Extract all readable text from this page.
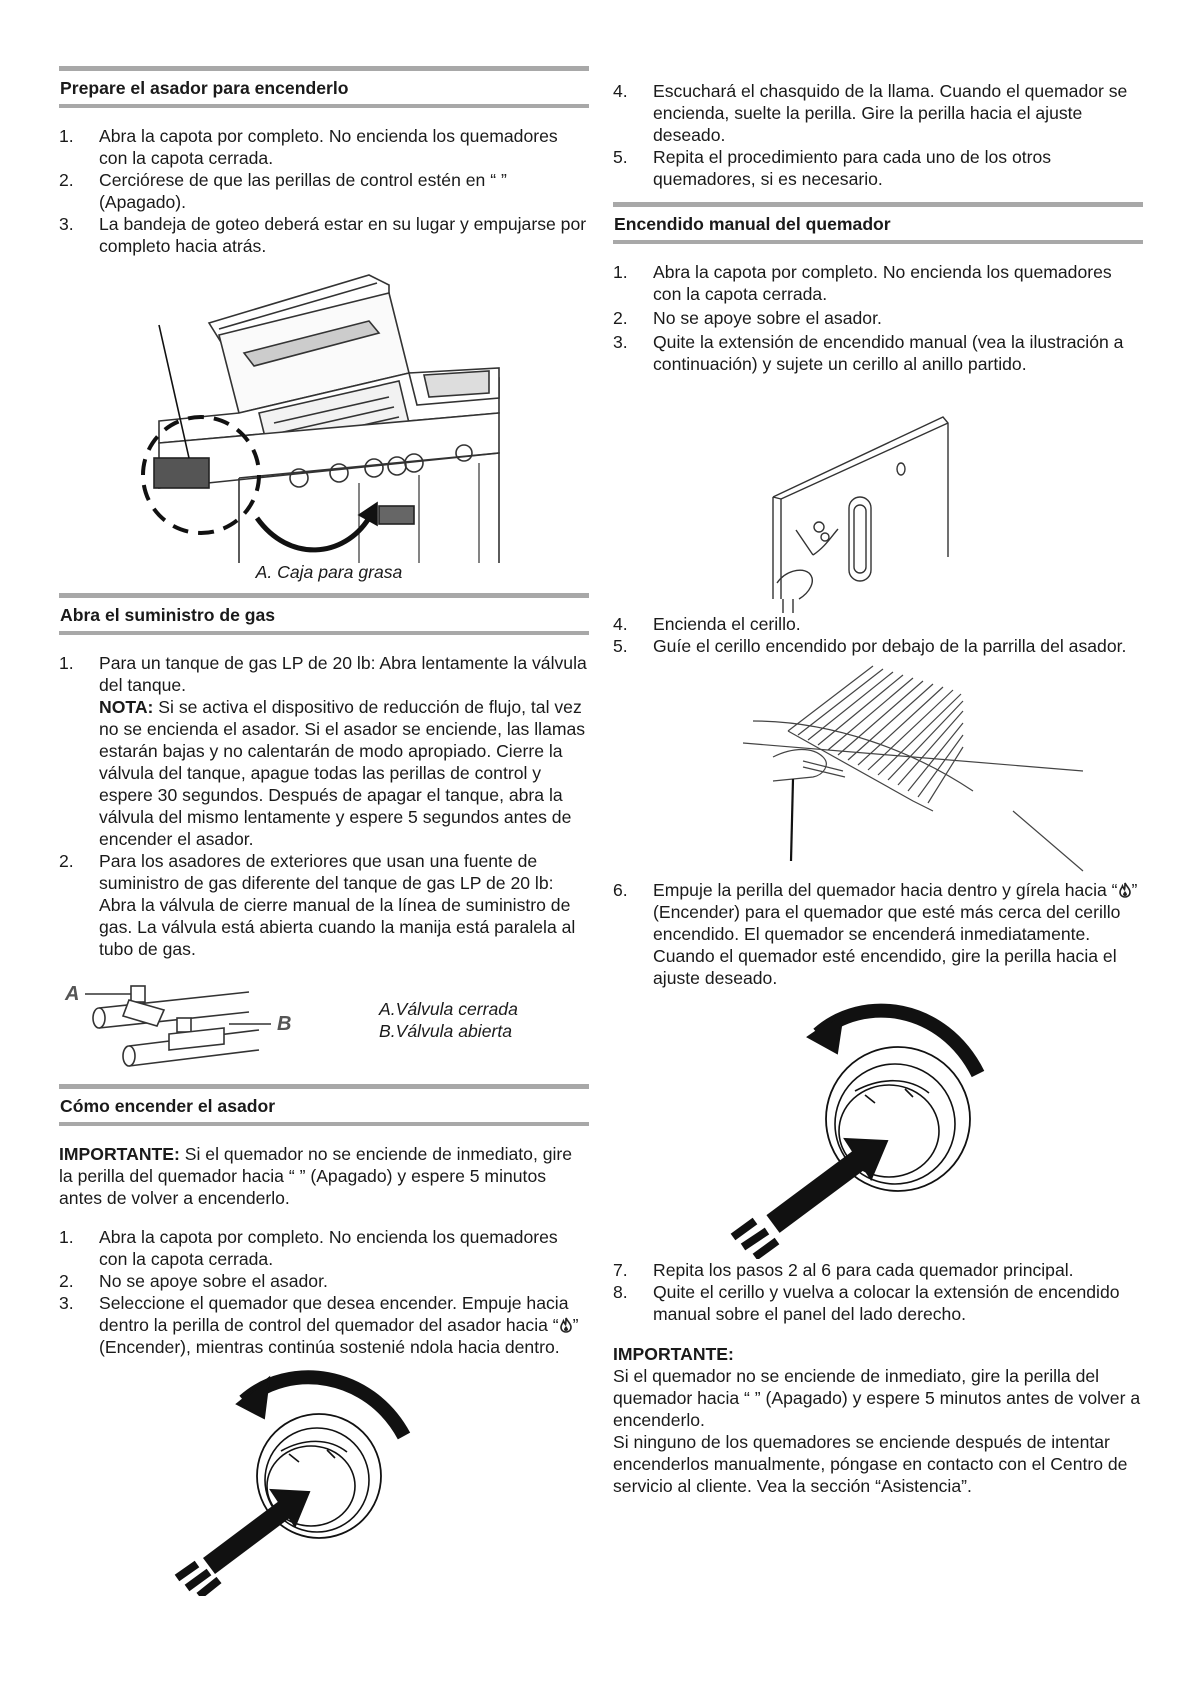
Prepare el asador para encenderlo
1. Abra la capota por completo. No encienda los quemadores con la capota cerrada.
2. Cerciórese de que las perillas de control estén en “ ” (Apagado).
3. La bandeja de goteo deberá estar en su lugar y empujarse por completo hacia atrás.
A. Caja para grasa
Abra el suministro de gas
1. Para un tanque de gas LP de 20 lb: Abra lentamente la válvula del tanque.
NOTA: Si se activa el dispositivo de reducción de flujo, tal vez no se encienda el asador. Si el asador se enciende, las llamas estarán bajas y no calentarán de modo apropiado. Cierre la válvula del tanque, apague todas las perillas de control y espere 30 segundos. Después de apagar el tanque, abra la válvula del mismo lentamente y espere 5 segundos antes de encender el asador.
2. Para los asadores de exteriores que usan una fuente de suministro de gas diferente del tanque de gas LP de 20 lb: Abra la válvula de cierre manual de la línea de suministro de gas. La válvula está abierta cuando la manija está paralela al tubo de gas.
A
B
A.Válvula cerrada
B.Válvula abierta
Cómo encender el asador

IMPORTANTE: Si el quemador no se enciende de inmediato, gire la perilla del quemador hacia “ ” (Apagado) y espere 5 minutos antes de volver a encenderlo.

1. Abra la capota por completo. No encienda los quemadores con la capota cerrada.
2. No se apoye sobre el asador.
3. Seleccione el quemador que desea encender. Empuje hacia dentro la perilla de control del quemador del asador hacia “ ” (Encender), mientras continúa sostenié ndola hacia dentro.
4. Escuchará el chasquido de la llama. Cuando el quemador se encienda, suelte la perilla. Gire la perilla hacia el ajuste deseado.
5. Repita el procedimiento para cada uno de los otros quemadores, si es necesario.
Encendido manual del quemador
1. Abra la capota por completo. No encienda los quemadores con la capota cerrada.
2. No se apoye sobre el asador.
3. Quite la extensión de encendido manual (vea la ilustración a continuación) y sujete un cerillo al anillo partido.
4. Encienda el cerillo.
5. Guíe el cerillo encendido por debajo de la parrilla del asador.
6. Empuje la perilla del quemador hacia dentro y gírela hacia “ ” (Encender) para el quemador que esté más cerca del cerillo encendido. El quemador se encenderá inmediatamente. Cuando el quemador esté encendido, gire la perilla hacia el ajuste deseado.
7. Repita los pasos 2 al 6 para cada quemador principal.
8. Quite el cerillo y vuelva a colocar la extensión de encendido manual sobre el panel del lado derecho.
IMPORTANTE:
Si el quemador no se enciende de inmediato, gire la perilla del quemador hacia “ ” (Apagado) y espere 5 minutos antes de volver a encenderlo.
Si ninguno de los quemadores se enciende después de intentar encenderlos manualmente, póngase en contacto con el Centro de servicio al cliente. Vea la sección “Asistencia”.
